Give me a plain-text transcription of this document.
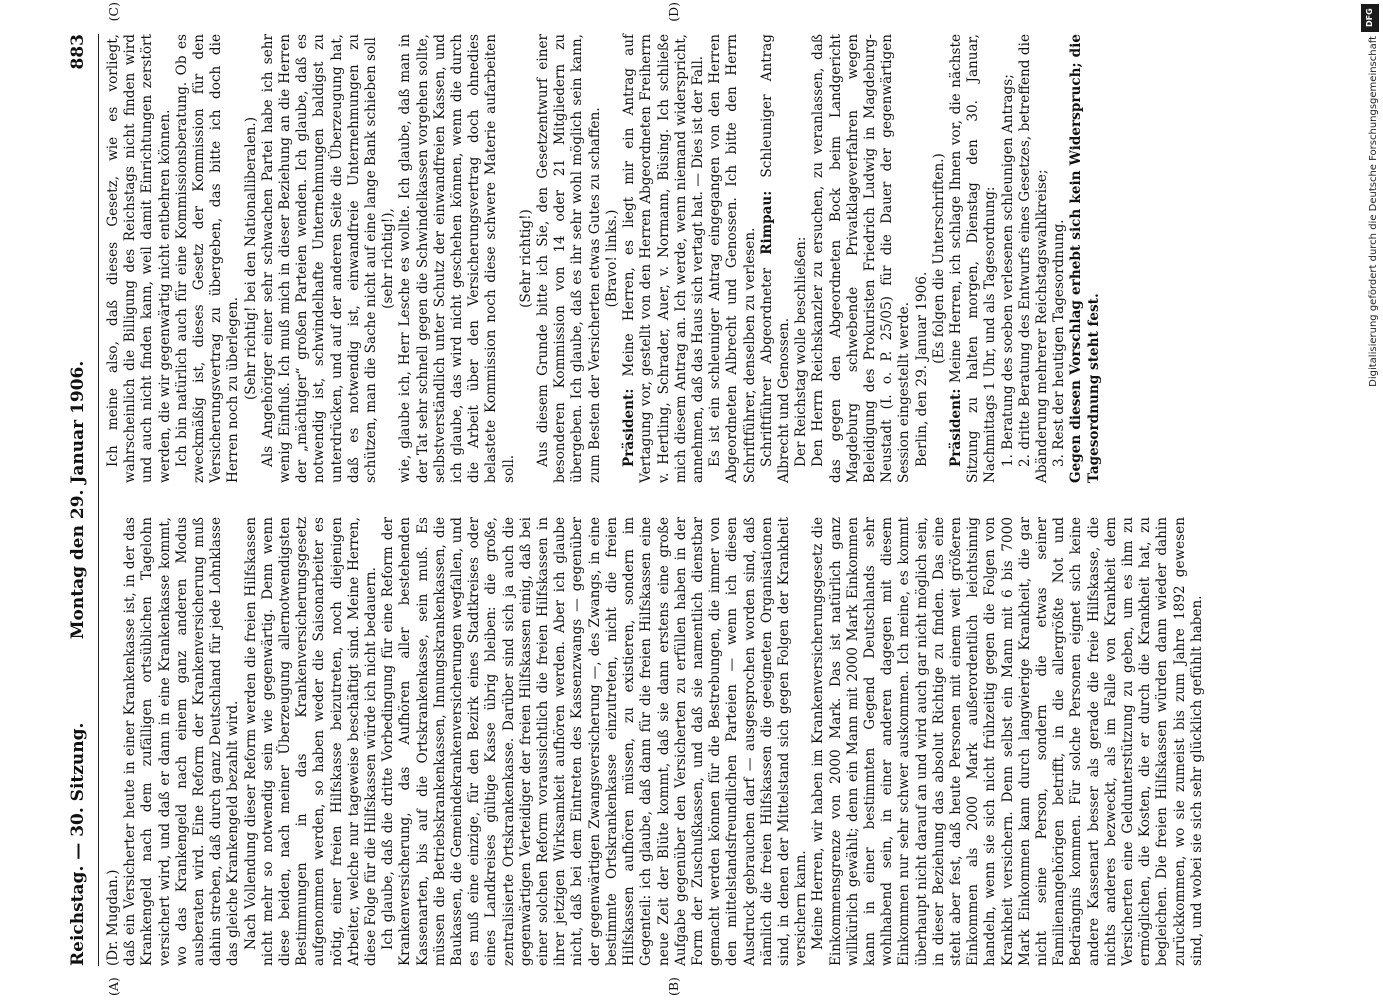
Reichstag. — 30. Sitzung.
Montag den 29. Januar 1906.
883
(A)	(B)

(Dr. Mugdan.) daß ein Versicherter heute in einer Krankenkasse ist, in der das Krankengeld nach dem zufälligen ortsüblichen Tagelohn versichert wird, und daß er dann in eine Krankenkasse kommt, wo das Krankengeld nach einem ganz anderen Modus ausberaten wird. Eine Reform der Krankenversicherung muß dahin streben, daß durch ganz Deutschland für jede Lohnklasse das gleiche Krankengeld bezahlt wird. Nach Vollendung dieser Reform werden die freien Hilfskassen nicht mehr so notwendig sein wie gegenwärtig. Denn wenn diese beiden, nach meiner Überzeugung allernotwendigsten Bestimmungen in das Krankenversicherungsgesetz aufgenommen werden, so haben weder die Saisonarbeiter es nötig, einer freien Hilfskasse beizutreten, noch diejenigen Arbeiter, welche nur tageweise beschäftigt sind. Meine Herren, diese Folge für die Hilfskassen würde ich nicht bedauern. Ich glaube, daß die dritte Vorbedingung für eine Reform der Krankenversicherung, das Aufhören aller bestehenden Kassenarten, bis auf die Ortskrankenkasse, sein muß. Es müssen die Betriebskrankenkassen, Innungskrankenkassen, die Baukassen, die Gemeindekrankenversicherungen wegfallen, und es muß eine einzige, für den Bezirk eines Stadtkreises oder eines Landkreises gültige Kasse übrig bleiben: die große, zentralisierte Ortskrankenkasse. Darüber sind sich ja auch die gegenwärtigen Verteidiger der freien Hilfskassen einig, daß bei einer solchen Reform voraussichtlich die freien Hilfskassen in ihrer jetzigen Wirksamkeit aufhören werden. Aber ich glaube nicht, daß bei dem Eintreten des Kassenzwangs — gegenüber der gegenwärtigen Zwangsversicherung —, des Zwangs, in eine bestimmte Ortskrankenkasse einzutreten, nicht die freien Hilfskassen aufhören müssen, zu existieren, sondern im Gegenteil: ich glaube, daß dann für die freien Hilfskassen eine neue Zeit der Blüte kommt, daß sie dann erstens eine große Aufgabe gegenüber den Versicherten zu erfüllen haben in der Form der Zuschußkassen, und daß sie namentlich dienstbar gemacht werden können für die Bestrebungen, die immer von den mittelstandsfreundlichen Parteien — wenn ich diesen Ausdruck gebrauchen darf — ausgesprochen worden sind, daß nämlich die freien Hilfskassen die geeigneten Organisationen sind, in denen der Mittelstand sich gegen Folgen der Krankheit versichern kann. Meine Herren, wir haben im Krankenversicherungsgesetz die Einkommensgrenze von 2000 Mark. Das ist natürlich ganz willkürlich gewählt; denn ein Mann mit 2000 Mark Einkommen kann in einer bestimmten Gegend Deutschlands sehr wohlhabend sein, in einer anderen dagegen mit diesem Einkommen nur sehr schwer auskommen. Ich meine, es kommt überhaupt nicht darauf an und wird auch gar nicht möglich sein, in dieser Beziehung das absolut Richtige zu finden. Das eine steht aber fest, daß heute Personen mit einem weit größeren Einkommen als 2000 Mark außerordentlich leichtsinnig handeln, wenn sie sich nicht frühzeitig gegen die Folgen von Krankheit versichern. Denn selbst ein Mann mit 6 bis 7000 Mark Einkommen kann durch langwierige Krankheit, die gar nicht seine Person, sondern die etwas seiner Familienangehörigen betrifft, in die allergrößte Not und Bedrängnis kommen. Für solche Personen eignet sich keine andere Kassenart besser als gerade die freie Hilfskasse, die nichts anderes bezweckt, als im Falle von Krankheit dem Versicherten eine Geldunterstützung zu geben, um es ihm zu ermöglichen, die Kosten, die er durch die Krankheit hat, zu begleichen. Die freien Hilfskassen würden dann wieder dahin zurückkommen, wo sie zumeist bis zum Jahre 1892 gewesen sind, und wobei sie sich sehr glücklich gefühlt haben.

(C)	(D)

Ich meine also, daß dieses Gesetz, wie es vorliegt, wahrscheinlich die Billigung des Reichstags nicht finden wird und auch nicht finden kann, weil damit Einrichtungen zerstört werden, die wir gegenwärtig nicht entbehren können. Ich bin natürlich auch für eine Kommissionsberatung. Ob es zweckmäßig ist, dieses Gesetz der Kommission für den Versicherungsvertrag zu übergeben, das bitte ich doch die Herren noch zu überlegen. (Sehr richtig! bei den Nationalliberalen.) Als Angehöriger einer sehr schwachen Partei habe ich sehr wenig Einfluß. Ich muß mich in dieser Beziehung an die Herren der „mächtiger“ großen Parteien wenden. Ich glaube, daß es notwendig ist, schwindelhafte Unternehmungen baldigst zu unterdrücken, und auf der anderen Seite die Überzeugung hat, daß es notwendig ist, einwandfreie Unternehmungen zu schützen, man die Sache nicht auf eine lange Bank schieben soll (sehr richtig!), wie, glaube ich, Herr Lesche es wollte. Ich glaube, daß man in der Tat sehr schnell gegen die Schwindelkassen vorgehen sollte, selbstverständlich unter Schutz der einwandfreien Kassen, und ich glaube, das wird nicht geschehen können, wenn die durch die Arbeit über den Versicherungsvertrag doch ohnedies belastete Kommission noch diese schwere Materie aufarbeiten soll.

(Sehr richtig!) Aus diesem Grunde bitte ich Sie, den Gesetzentwurf einer besonderen Kommission von 14 oder 21 Mitgliedern zu übergeben. Ich glaube, daß es ihr sehr wohl möglich sein kann, zum Besten der Versicherten etwas Gutes zu schaffen. (Bravo! links.)

Präsident: Meine Herren, es liegt mir ein Antrag auf Vertagung vor, gestellt von den Herren Abgeordneten Freiherrn v. Hertling, Schrader, Auer, v. Normann, Büsing. Ich schließe mich diesem Antrag an. Ich werde, wenn niemand widerspricht, annehmen, daß das Haus sich vertagt hat. — Dies ist der Fall. Es ist ein schleuniger Antrag eingegangen von den Herren Abgeordneten Albrecht und Genossen. Ich bitte den Herrn Schriftführer, denselben zu verlesen. Schriftführer Abgeordneter Rimpau: Schleuniger Antrag Albrecht und Genossen. Der Reichstag wolle beschließen: Den Herrn Reichskanzler zu ersuchen, zu veranlassen, daß das gegen den Abgeordneten Bock beim Landgericht Magdeburg schwebende Privatklageverfahren wegen Beleidigung des Prokuristen Friedrich Ludwig in Magdeburg-Neustadt (I. o. P. 25/05) für die Dauer der gegenwärtigen Session eingestellt werde. Berlin, den 29. Januar 1906.

(Es folgen die Unterschriften.)

Präsident: Meine Herren, ich schlage Ihnen vor, die nächste Sitzung zu halten morgen, Dienstag den 30. Januar, Nachmittags 1 Uhr, und als Tagesordnung: 1. Beratung des soeben verlesenen schleunigen Antrags; 2. dritte Beratung des Entwurfs eines Gesetzes, betreffend die Abänderung mehrerer Reichstagswahlkreise; 3. Rest der heutigen Tagesordnung. Gegen diesen Vorschlag erhebt sich kein Widerspruch; die Tagesordnung steht fest.

DFG
Digitalisierung gefördert durch die Deutsche Forschungsgemeinschaft
